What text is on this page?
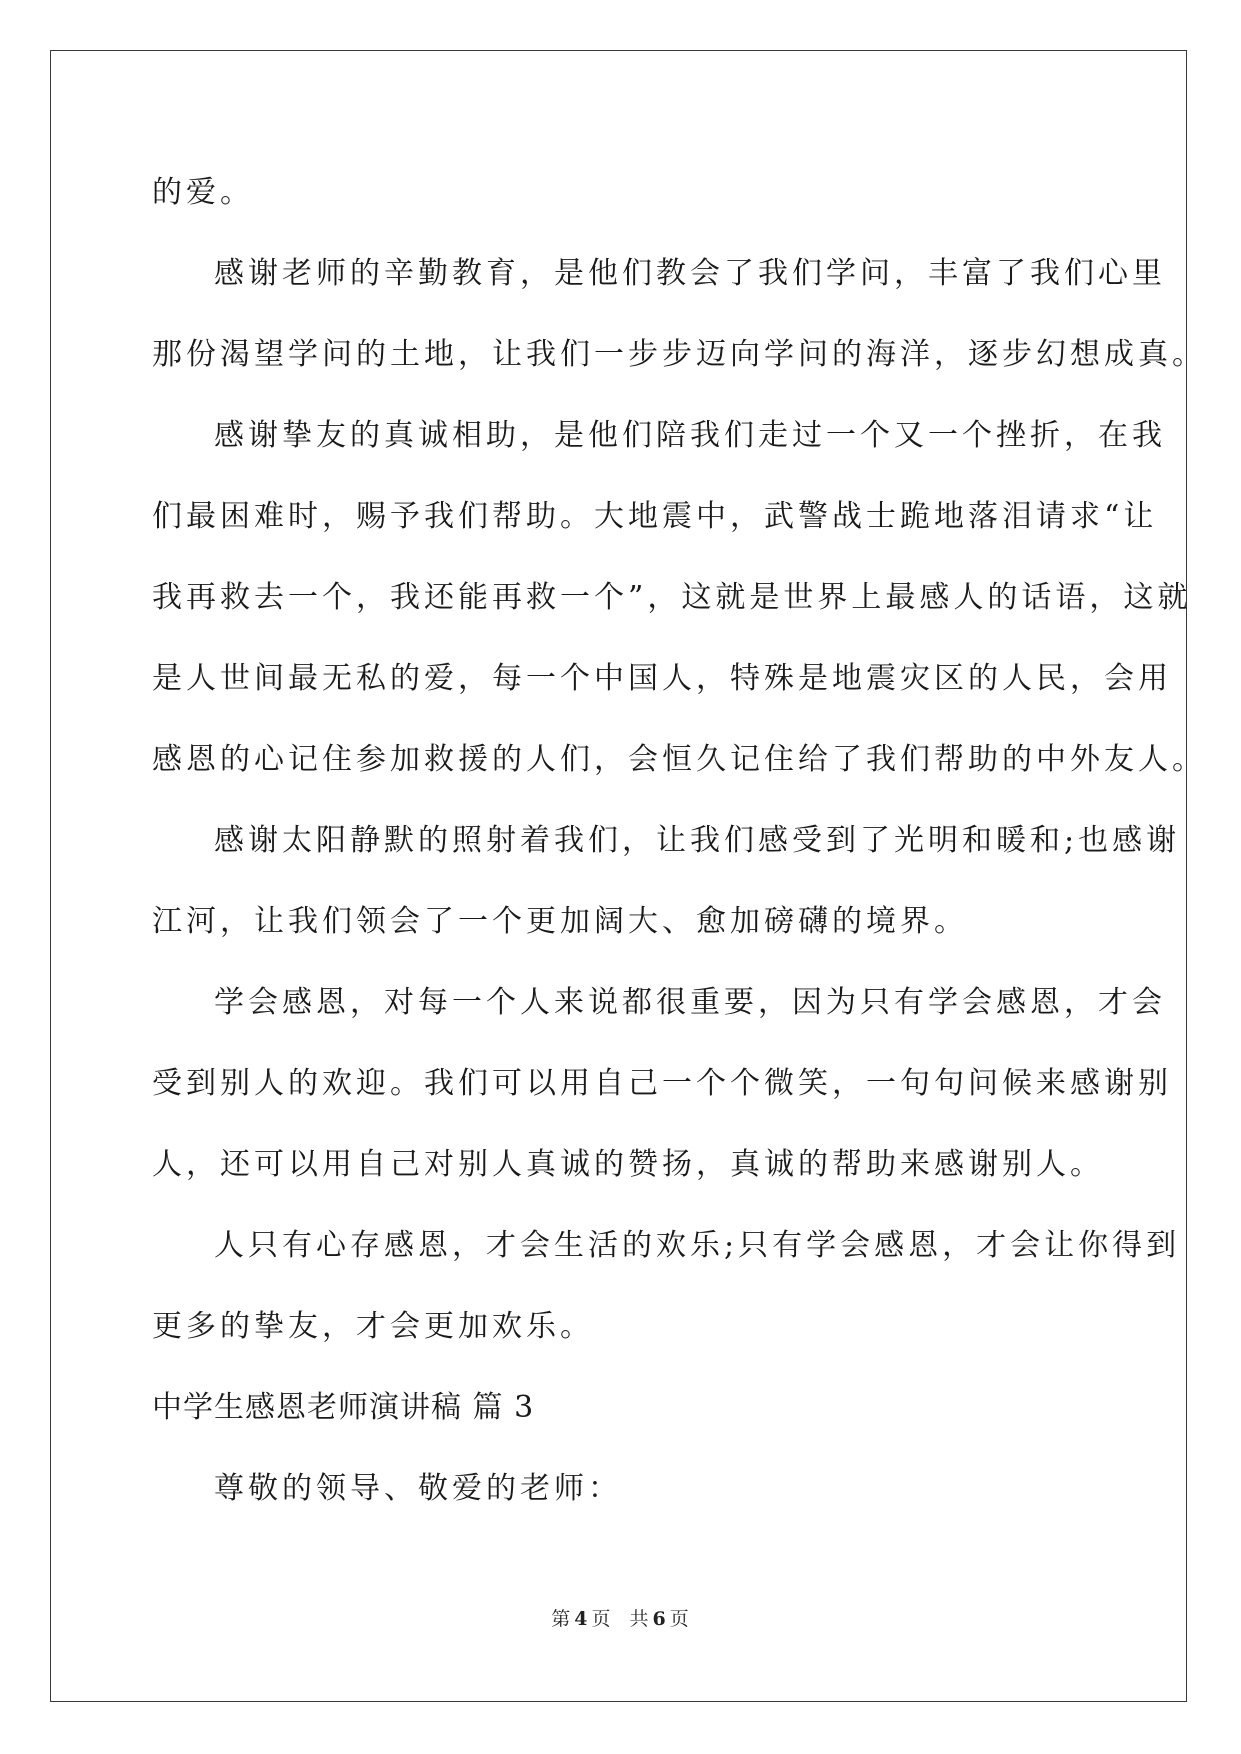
的爱。
感谢老师的辛勤教育，是他们教会了我们学问，丰富了我们心里
那份渴望学问的土地，让我们一步步迈向学问的海洋，逐步幻想成真。
感谢挚友的真诚相助，是他们陪我们走过一个又一个挫折，在我
们最困难时，赐予我们帮助。大地震中，武警战士跪地落泪请求“让
我再救去一个，我还能再救一个”，这就是世界上最感人的话语，这就
是人世间最无私的爱，每一个中国人，特殊是地震灾区的人民，会用
感恩的心记住参加救援的人们，会恒久记住给了我们帮助的中外友人。
感谢太阳静默的照射着我们，让我们感受到了光明和暖和;也感谢
江河，让我们领会了一个更加阔大、愈加磅礴的境界。
学会感恩，对每一个人来说都很重要，因为只有学会感恩，才会
受到别人的欢迎。我们可以用自己一个个微笑，一句句问候来感谢别
人，还可以用自己对别人真诚的赞扬，真诚的帮助来感谢别人。
人只有心存感恩，才会生活的欢乐;只有学会感恩，才会让你得到
更多的挚友，才会更加欢乐。
中学生感恩老师演讲稿 篇 3
尊敬的领导、敬爱的老师：
第 4 页 共 6 页
